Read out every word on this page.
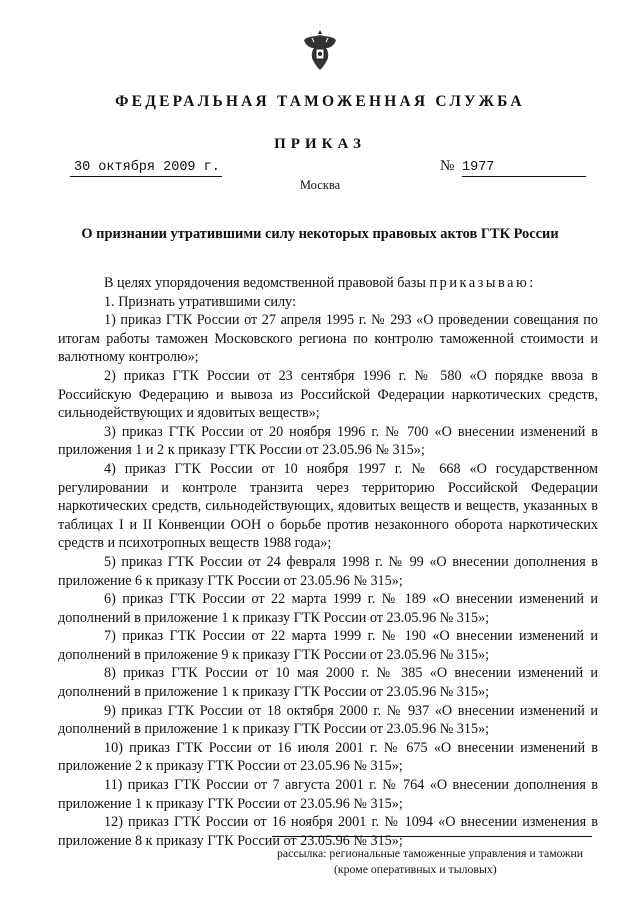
ФЕДЕРАЛЬНАЯ ТАМОЖЕННАЯ СЛУЖБА
ПРИКАЗ
30 октября 2009 г.	№ 1977
Москва
О признании утратившими силу некоторых правовых актов ГТК России

В целях упорядочения ведомственной правовой базы приказываю:

1. Признать утратившими силу:

1) приказ ГТК России от 27 апреля 1995 г. № 293 «О проведении совещания по итогам работы таможен Московского региона по контролю таможенной стоимости и валютному контролю»;

2) приказ ГТК России от 23 сентября 1996 г. № 580 «О порядке ввоза в Российскую Федерацию и вывоза из Российской Федерации наркотических средств, сильнодействующих и ядовитых веществ»;

3) приказ ГТК России от 20 ноября 1996 г. № 700 «О внесении изменений в приложения 1 и 2 к приказу ГТК России от 23.05.96 № 315»;

4) приказ ГТК России от 10 ноября 1997 г. № 668 «О государственном регулировании и контроле транзита через территорию Российской Федерации наркотических средств, сильнодействующих, ядовитых веществ и веществ, указанных в таблицах I и II Конвенции ООН о борьбе против незаконного оборота наркотических средств и психотропных веществ 1988 года»;

5) приказ ГТК России от 24 февраля 1998 г. № 99 «О внесении дополнения в приложение 6 к приказу ГТК России от 23.05.96 № 315»;

6) приказ ГТК России от 22 марта 1999 г. № 189 «О внесении изменений и дополнений в приложение 1 к приказу ГТК России от 23.05.96 № 315»;

7) приказ ГТК России от 22 марта 1999 г. № 190 «О внесении изменений и дополнений в приложение 9 к приказу ГТК России от 23.05.96 № 315»;

8) приказ ГТК России от 10 мая 2000 г. № 385 «О внесении изменений и дополнений в приложение 1 к приказу ГТК России от 23.05.96 № 315»;

9) приказ ГТК России от 18 октября 2000 г. № 937 «О внесении изменений и дополнений в приложение 1 к приказу ГТК России от 23.05.96 № 315»;

10) приказ ГТК России от 16 июля 2001 г. № 675 «О внесении изменений в приложение 2 к приказу ГТК России от 23.05.96 № 315»;

11) приказ ГТК России от 7 августа 2001 г. № 764 «О внесении дополнения в приложение 1 к приказу ГТК России от 23.05.96 № 315»;

12) приказ ГТК России от 16 ноября 2001 г. № 1094 «О внесении изменения в приложение 8 к приказу ГТК России от 23.05.96 № 315»;

рассылка: региональные таможенные управления и таможни
(кроме оперативных и тыловых)
